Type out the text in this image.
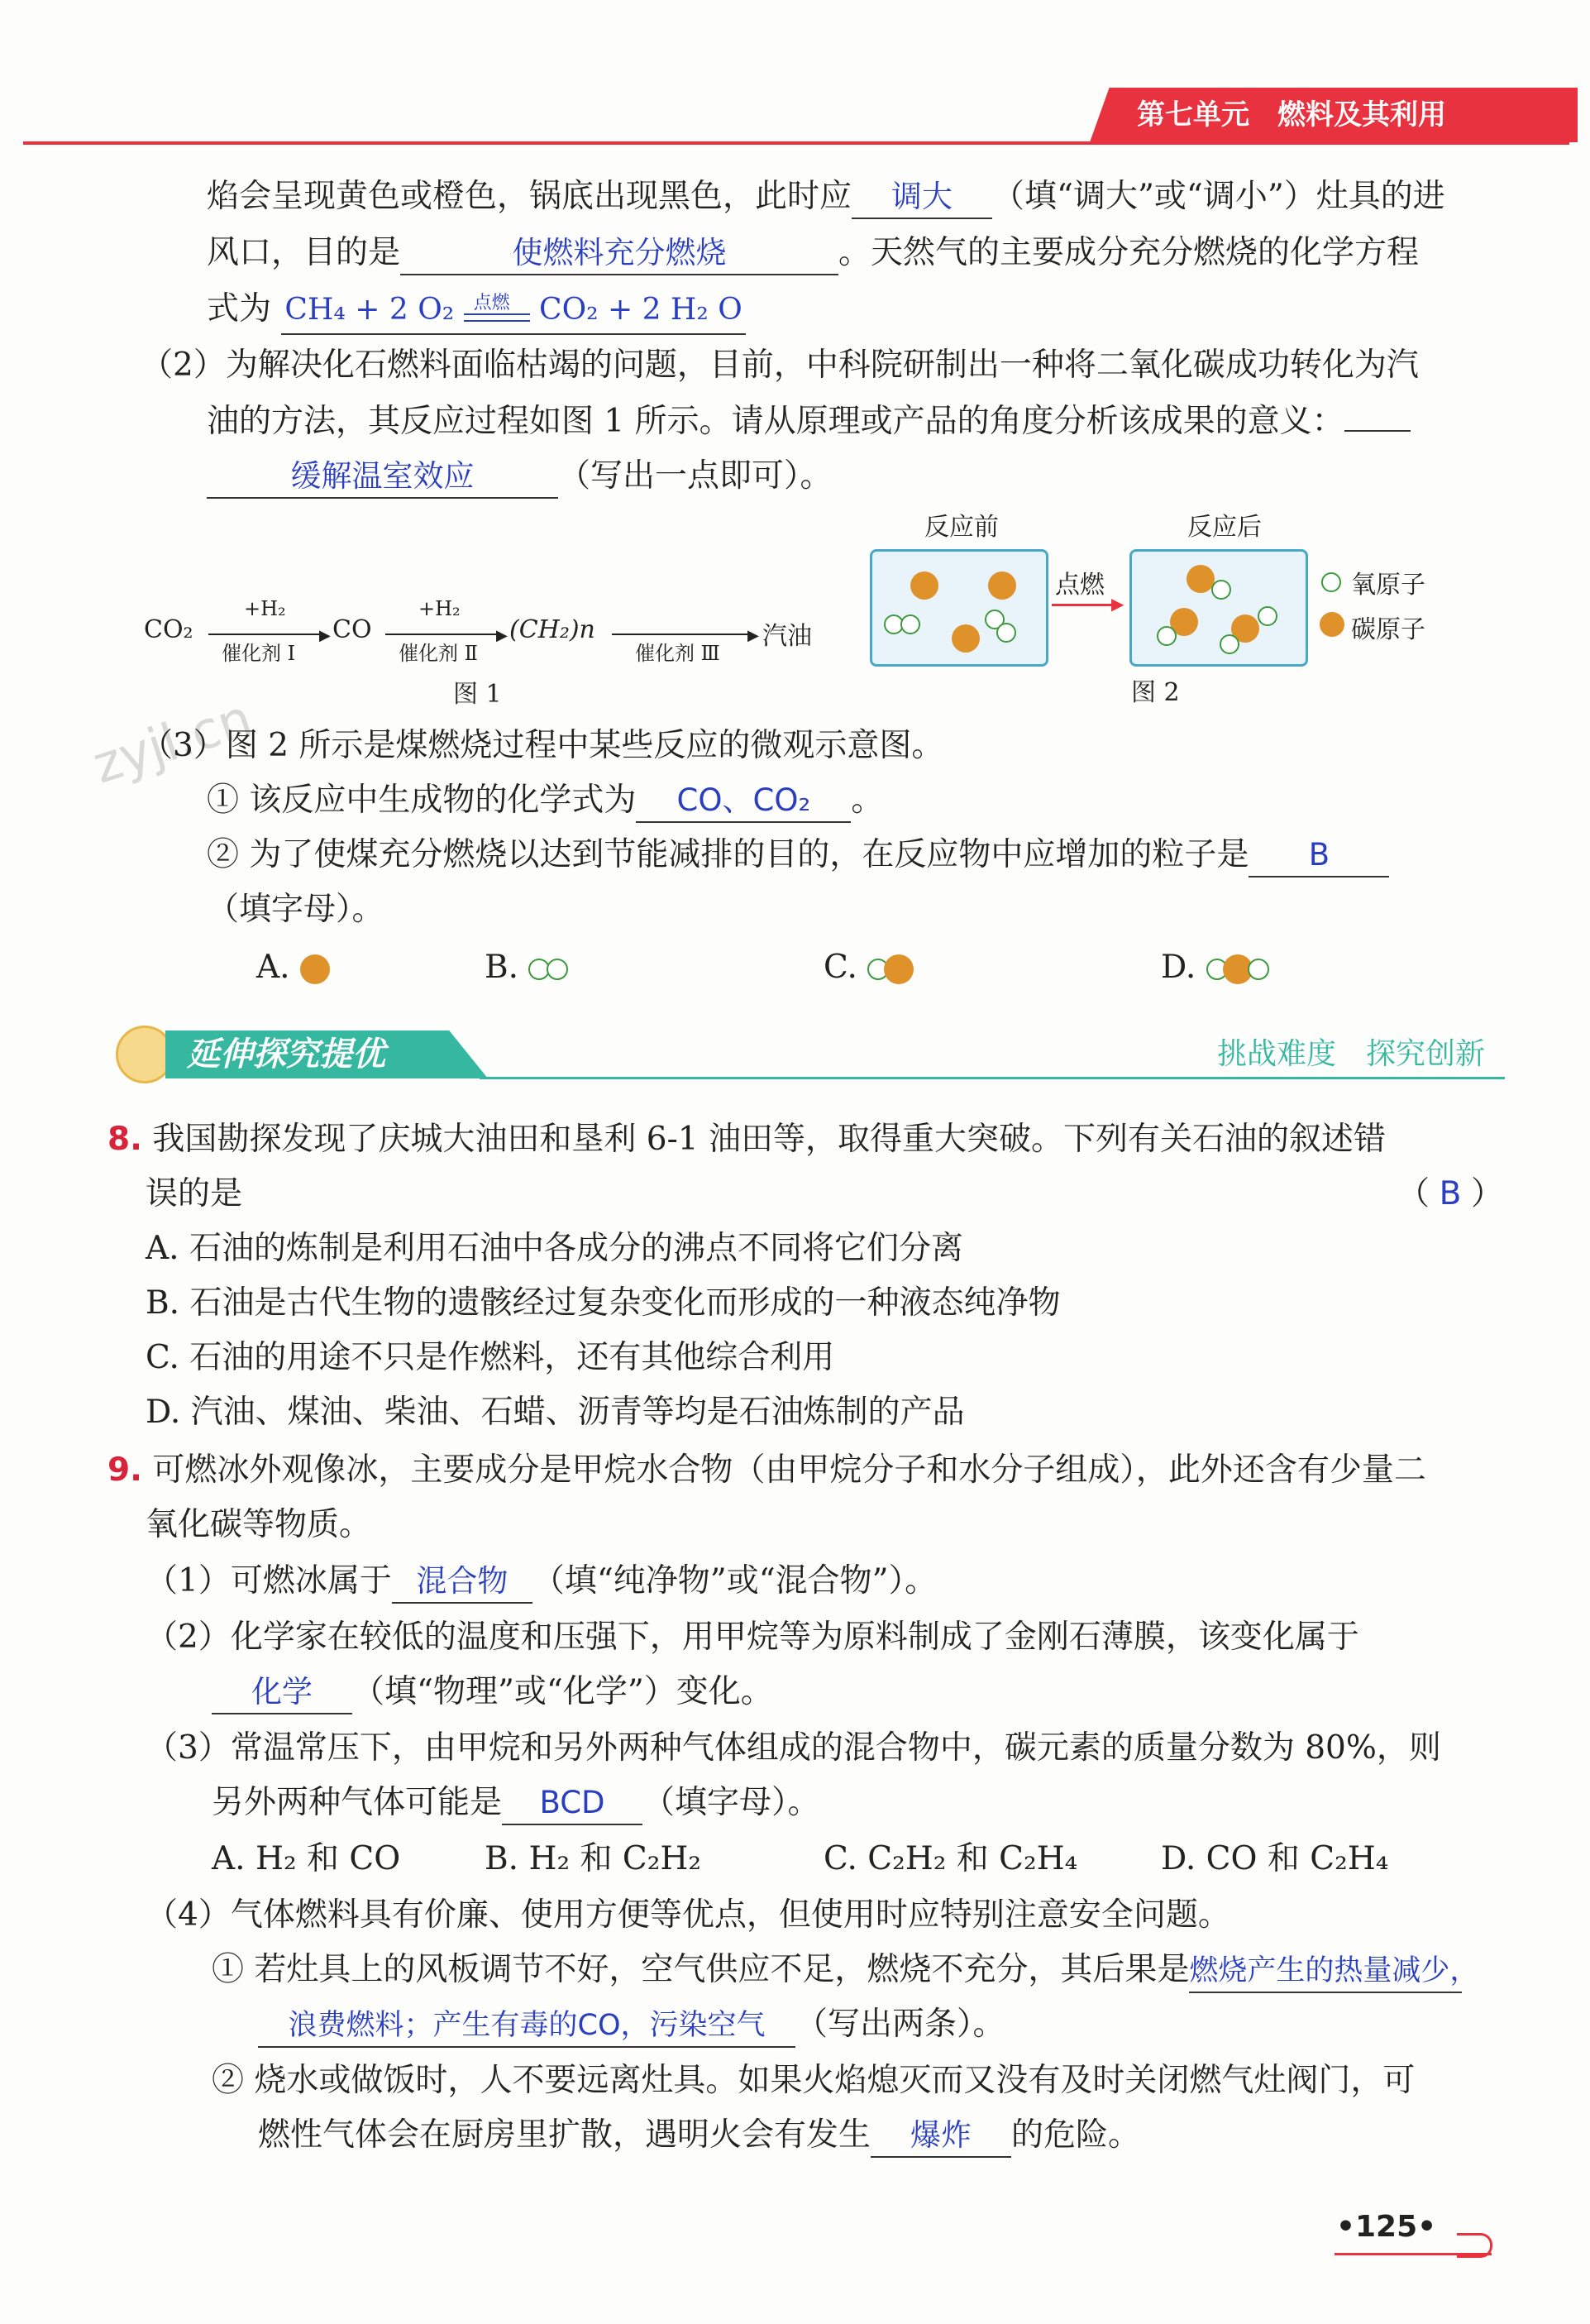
第七单元　燃料及其利用
焰会呈现黄色或橙色，锅底出现黑色，此时应 调大 （填“调大”或“调小”）灶具的进
风口，目的是	使燃料充分燃烧	。天然气的主要成分充分燃烧的化学方程
式为 CH₄ + 2 O₂ 点燃 CO₂ + 2 H₂ O
（2）为解决化石燃料面临枯竭的问题，目前，中科院研制出一种将二氧化碳成功转化为汽
油的方法，其反应过程如图 1 所示。请从原理或产品的角度分析该成果的意义：
缓解温室效应	（写出一点即可）。
CO₂
+H₂
▶
催化剂 Ⅰ
CO
+H₂
▶
催化剂 Ⅱ
(CH₂)n	▶
催化剂 Ⅲ
汽油
图 1
反应前	反应后
点燃
▶
氧原子
碳原子
图 2
zyjl.cn
（3）图 2 所示是煤燃烧过程中某些反应的微观示意图。
① 该反应中生成物的化学式为 CO、CO₂ 。
② 为了使煤充分燃烧以达到节能减排的目的，在反应物中应增加的粒子是 B
（填字母）。
A.	B.	C.	D.
延伸探究提优	挑战难度　探究创新
8. 我国勘探发现了庆城大油田和垦利 6-1 油田等，取得重大突破。下列有关石油的叙述错
误的是	（ B ）
A. 石油的炼制是利用石油中各成分的沸点不同将它们分离
B. 石油是古代生物的遗骸经过复杂变化而形成的一种液态纯净物
C. 石油的用途不只是作燃料，还有其他综合利用
D. 汽油、煤油、柴油、石蜡、沥青等均是石油炼制的产品
9. 可燃冰外观像冰，主要成分是甲烷水合物（由甲烷分子和水分子组成），此外还含有少量二
氧化碳等物质。
（1）可燃冰属于 混合物 （填“纯净物”或“混合物”）。
（2）化学家在较低的温度和压强下，用甲烷等为原料制成了金刚石薄膜，该变化属于
化学 （填“物理”或“化学”）变化。
（3）常温常压下，由甲烷和另外两种气体组成的混合物中，碳元素的质量分数为 80%，则
另外两种气体可能是 BCD （填字母）。
A. H₂ 和 CO	B. H₂ 和 C₂H₂	C. C₂H₂ 和 C₂H₄	D. CO 和 C₂H₄
（4）气体燃料具有价廉、使用方便等优点，但使用时应特别注意安全问题。
① 若灶具上的风板调节不好，空气供应不足，燃烧不充分，其后果是燃烧产生的热量减少，
浪费燃料；产生有毒的CO，污染空气 （写出两条）。
② 烧水或做饭时，人不要远离灶具。如果火焰熄灭而又没有及时关闭燃气灶阀门，可
燃性气体会在厨房里扩散，遇明火会有发生 爆炸 的危险。
•125•
